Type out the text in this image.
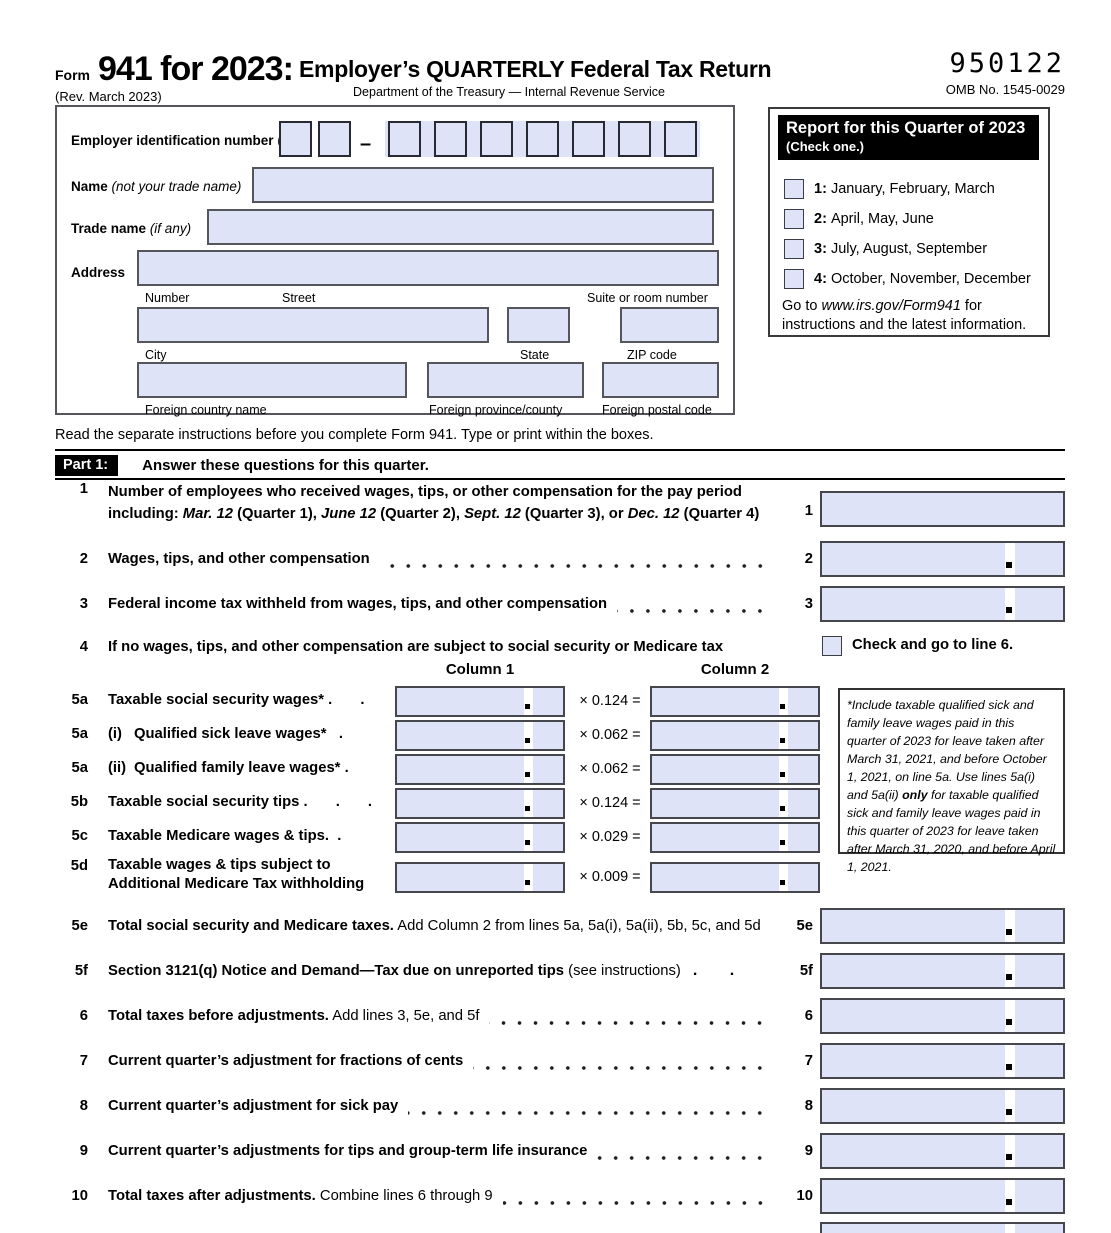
Form 941 for 2023:
(Rev. March 2023)
Employer’s QUARTERLY Federal Tax Return
Department of the Treasury — Internal Revenue Service
950122
OMB No. 1545-0029
Employer identification number	–
Name (not your trade name)
Trade name (if any)
Address
Number	Street	Suite or room number
City	State	ZIP code
Foreign country name	Foreign province/county	Foreign postal code
Report for this Quarter of 2023
(Check one.)
1:
January, February, March
2:
April, May, June
3:
July, August, September
4:
October, November, December
Go to www.irs.gov/Form941 for instructions and the latest information.
Read the separate instructions before you complete Form 941. Type or print within the boxes.
Part 1:	Answer these questions for this quarter.
1 Number of employees who received wages, tips, or other compensation for the pay period
including: Mar. 12 (Quarter 1), June 12 (Quarter 2), Sept. 12 (Quarter 3), or Dec. 12 (Quarter 4)	1
2 Wages, tips, and other compensation	2
3 Federal income tax withheld from wages, tips, and other compensation	3
4 If no wages, tips, and other compensation are subject to social security or Medicare tax	Check and go to line 6.
Column 1	Column 2
5a Taxable social security wages* . .	× 0.124 =
5a (i) Qualified sick leave wages* .	× 0.062 =
5a (ii) Qualified family leave wages* .	× 0.062 =
5b Taxable social security tips . . .	× 0.124 =
5c Taxable Medicare wages & tips. .	× 0.029 =
5d Taxable wages & tips subject to
Additional Medicare Tax withholding	× 0.009 =
*Include taxable qualified sick and family leave wages paid in this quarter of 2023 for leave taken after March 31, 2021, and before October 1, 2021, on line 5a. Use lines 5a(i) and 5a(ii) only for taxable qualified sick and family leave wages paid in this quarter of 2023 for leave taken after March 31, 2020, and before April 1, 2021.
5e Total social security and Medicare taxes. Add Column 2 from lines 5a, 5a(i), 5a(ii), 5b, 5c, and 5d	5e
5f Section 3121(q) Notice and Demand—Tax due on unreported tips (see instructions) . .	5f
6 Total taxes before adjustments. Add lines 3, 5e, and 5f	6
7 Current quarter’s adjustment for fractions of cents	7
8 Current quarter’s adjustment for sick pay	8
9 Current quarter’s adjustments for tips and group-term life insurance	9
10 Total taxes after adjustments. Combine lines 6 through 9	10
